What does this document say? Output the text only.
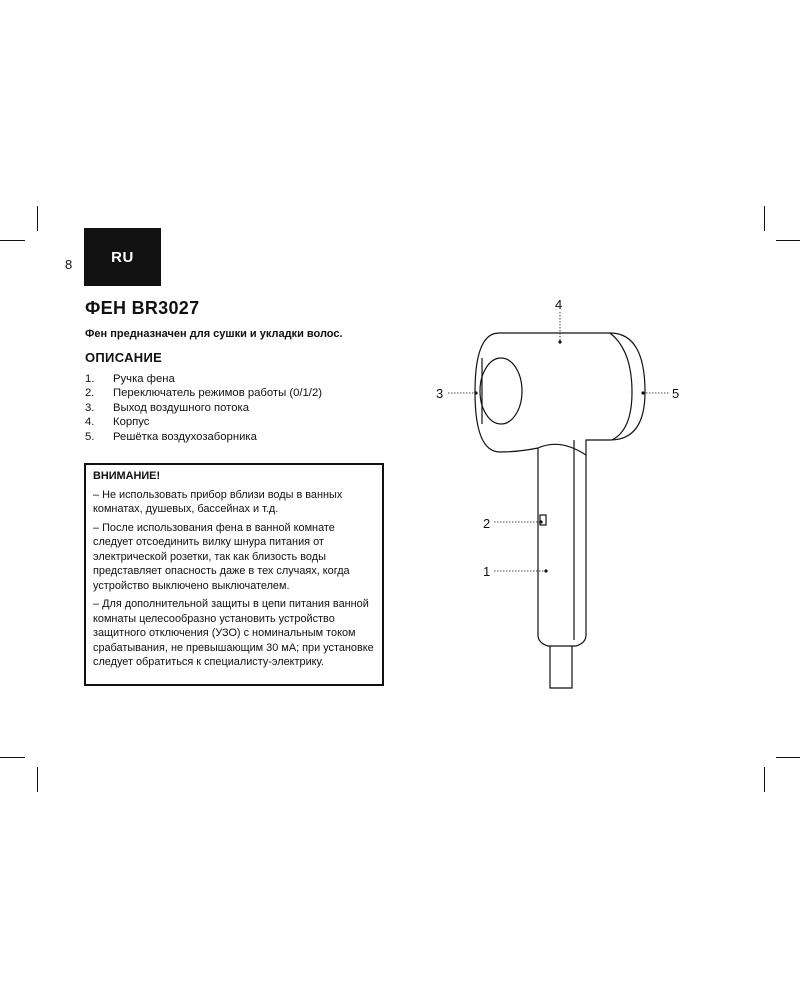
8	RU
ФЕН BR3027

Фен предназначен для сушки и укладки волос.

ОПИСАНИЕ
1.	Ручка фена
2.	Переключатель режимов работы (0/1/2)
3.	Выход воздушного потока
4.	Корпус
5.	Решётка воздухозаборника

ВНИМАНИЕ!

– Не использовать прибор вблизи воды в ванных комнатах, душевых, бассейнах и т.д.

– После использования фена в ванной комнате следует отсоединить вилку шнура питания от электрической розетки, так как близость воды представляет опасность даже в тех случаях, когда устройство выключено выключателем.

– Для дополнительной защиты в цепи питания ванной комнаты целесообразно установить устройство защитного отключения (УЗО) с номинальным током срабатывания, не превышающим 30 мА; при установке следует обратиться к специалисту-электрику.

1
2
3
4
5
